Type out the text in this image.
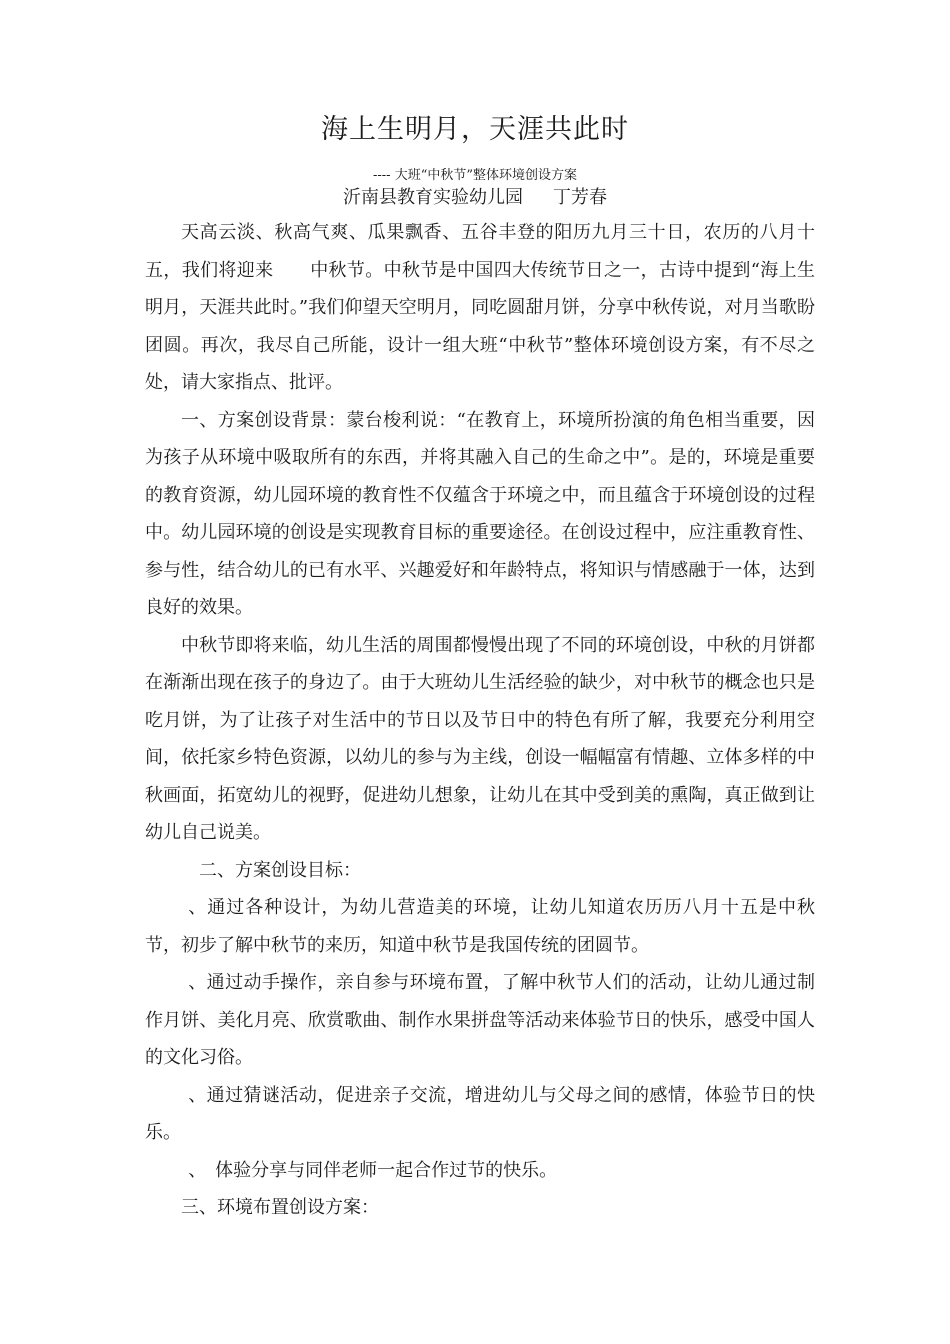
海上生明月，天涯共此时
---- 大班“中秋节”整体环境创设方案
沂南县教育实验幼儿园 丁芳春

天高云淡、秋高气爽、瓜果飘香、五谷丰登的阳历九月三十日，农历的八月十五，我们将迎来　　中秋节。中秋节是中国四大传统节日之一，古诗中提到“海上生明月，天涯共此时。”我们仰望天空明月，同吃圆甜月饼，分享中秋传说，对月当歌盼团圆。再次，我尽自己所能，设计一组大班“中秋节”整体环境创设方案，有不尽之处，请大家指点、批评。

一、方案创设背景：蒙台梭利说：“在教育上，环境所扮演的角色相当重要，因为孩子从环境中吸取所有的东西，并将其融入自己的生命之中”。是的，环境是重要的教育资源，幼儿园环境的教育性不仅蕴含于环境之中，而且蕴含于环境创设的过程中。幼儿园环境的创设是实现教育目标的重要途径。在创设过程中，应注重教育性、参与性，结合幼儿的已有水平、兴趣爱好和年龄特点，将知识与情感融于一体，达到良好的效果。

中秋节即将来临，幼儿生活的周围都慢慢出现了不同的环境创设，中秋的月饼都在渐渐出现在孩子的身边了。由于大班幼儿生活经验的缺少，对中秋节的概念也只是吃月饼，为了让孩子对生活中的节日以及节日中的特色有所了解，我要充分利用空间，依托家乡特色资源，以幼儿的参与为主线，创设一幅幅富有情趣、立体多样的中秋画面，拓宽幼儿的视野，促进幼儿想象，让幼儿在其中受到美的熏陶，真正做到让幼儿自己说美。

二、方案创设目标：

、通过各种设计，为幼儿营造美的环境，让幼儿知道农历历八月十五是中秋节，初步了解中秋节的来历，知道中秋节是我国传统的团圆节。

、通过动手操作，亲自参与环境布置，了解中秋节人们的活动，让幼儿通过制作月饼、美化月亮、欣赏歌曲、制作水果拼盘等活动来体验节日的快乐，感受中国人的文化习俗。

、通过猜谜活动，促进亲子交流，增进幼儿与父母之间的感情，体验节日的快乐。

、　体验分享与同伴老师一起合作过节的快乐。

三、环境布置创设方案：
